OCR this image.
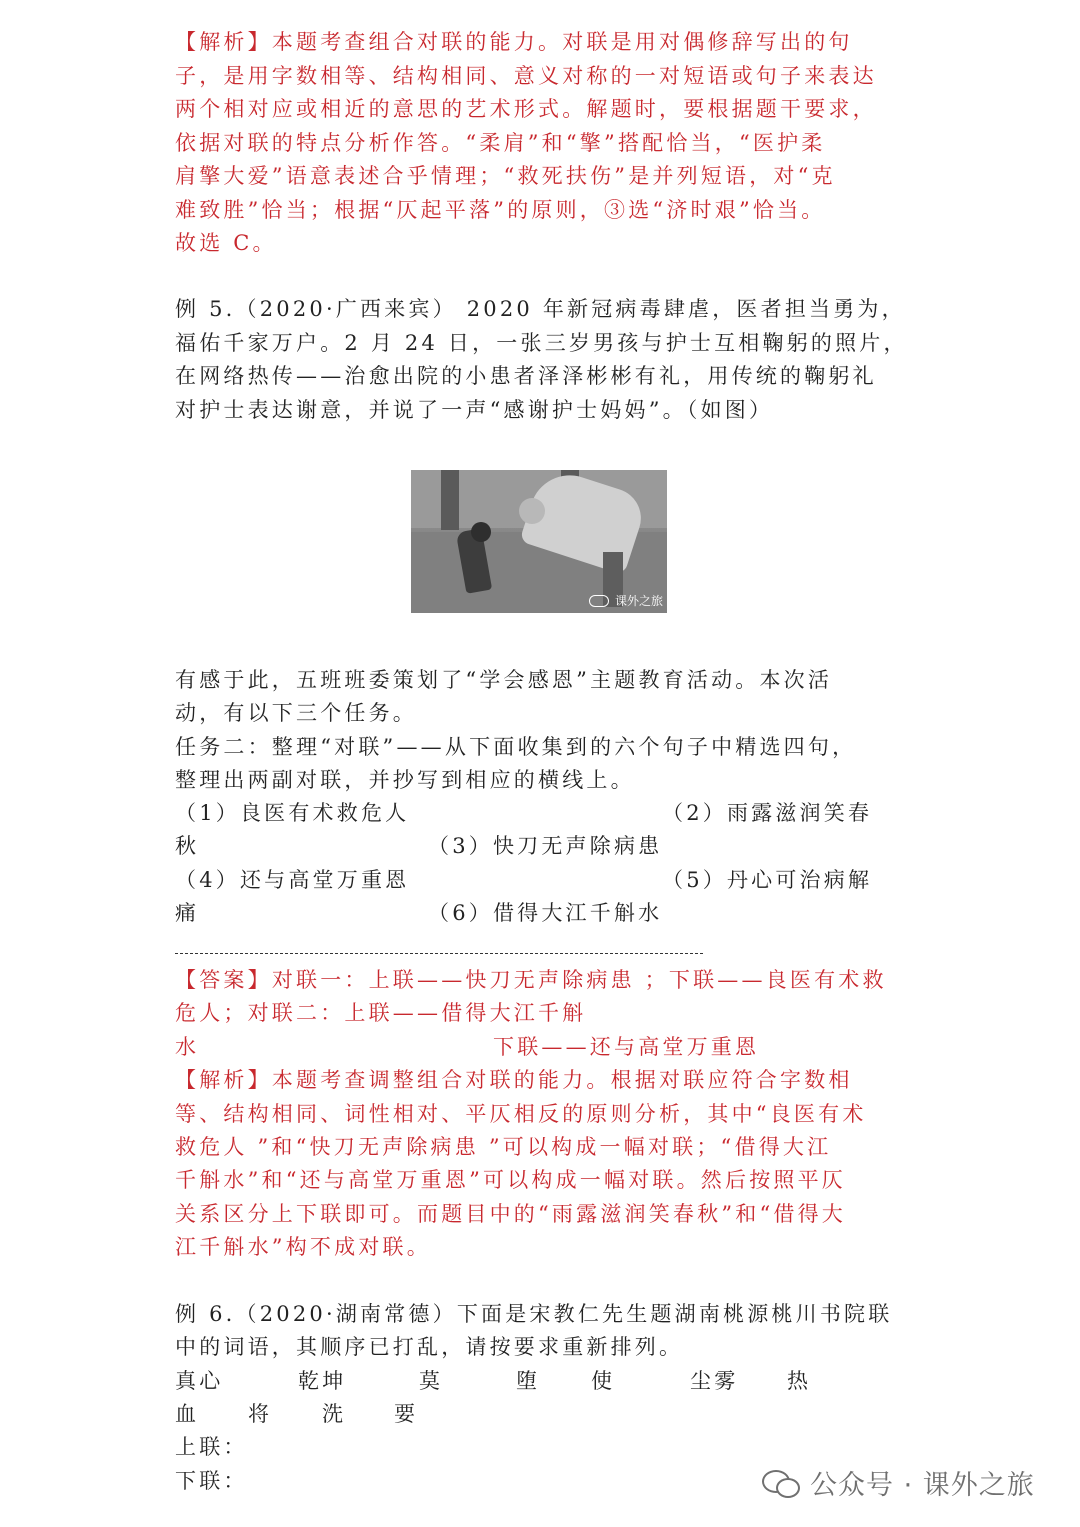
【解析】本题考查组合对联的能力。对联是用对偶修辞写出的句
子，是用字数相等、结构相同、意义对称的一对短语或句子来表达
两个相对应或相近的意思的艺术形式。解题时，要根据题干要求，
依据对联的特点分析作答。“柔肩”和“擎”搭配恰当，“医护柔
肩擎大爱”语意表述合乎情理；“救死扶伤”是并列短语，对“克
难致胜”恰当；根据“仄起平落”的原则，③选“济时艰”恰当。
故选 C。
例 5.（2020·广西来宾） 2020 年新冠病毒肆虐，医者担当勇为，
福佑千家万户。2 月 24 日，一张三岁男孩与护士互相鞠躬的照片，
在网络热传——治愈出院的小患者泽泽彬彬有礼，用传统的鞠躬礼
对护士表达谢意，并说了一声“感谢护士妈妈”。（如图）
课外之旅
有感于此，五班班委策划了“学会感恩”主题教育活动。本次活
动，有以下三个任务。
任务二：整理“对联”——从下面收集到的六个句子中精选四句，
整理出两副对联，并抄写到相应的横线上。
（1）良医有术救危人	（2）雨露滋润笑春
秋	（3）快刀无声除病患
（4）还与高堂万重恩	（5）丹心可治病解
痛	（6）借得大江千斛水
【答案】对联一：上联——快刀无声除病患 ；下联——良医有术救
危人；对联二：上联——借得大江千斛
水	下联——还与高堂万重恩
【解析】本题考查调整组合对联的能力。根据对联应符合字数相
等、结构相同、词性相对、平仄相反的原则分析，其中“良医有术
救危人 ”和“快刀无声除病患 ”可以构成一幅对联；“借得大江
千斛水”和“还与高堂万重恩”可以构成一幅对联。然后按照平仄
关系区分上下联即可。而题目中的“雨露滋润笑春秋”和“借得大
江千斛水”构不成对联。
例 6.（2020·湖南常德）下面是宋教仁先生题湖南桃源桃川书院联
中的词语，其顺序已打乱，请按要求重新排列。
真心	乾坤	莫	堕 使	尘雾 热
血 将 洗 要
上联：
下联：	公众号 · 课外之旅
